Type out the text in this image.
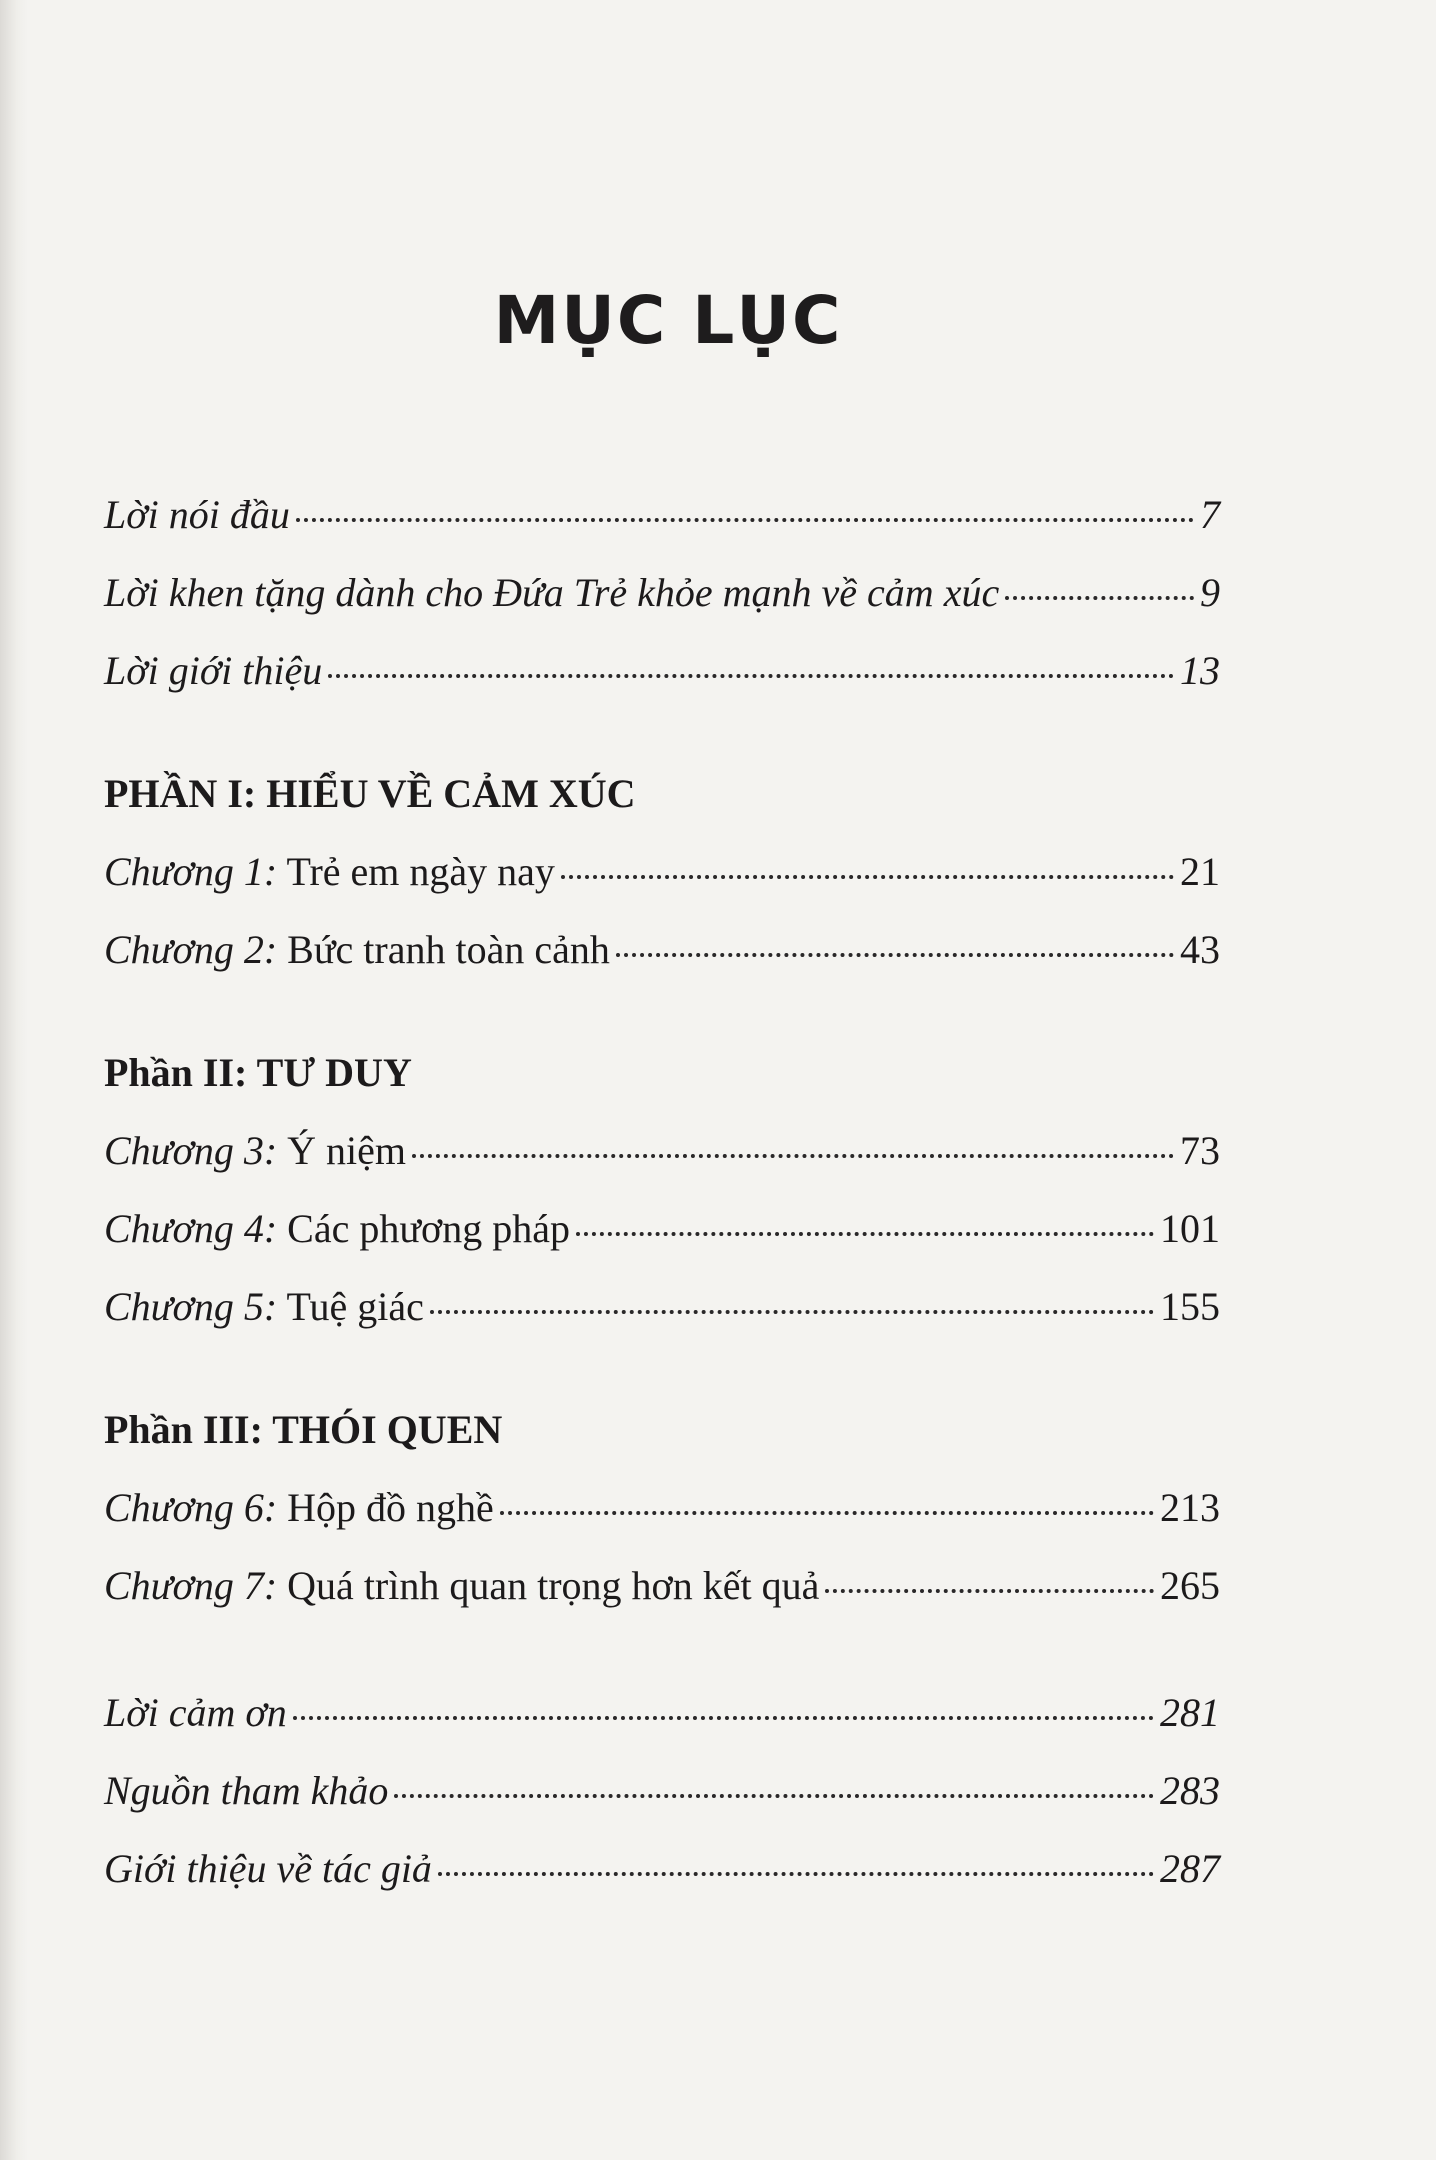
MỤC LỤC
Lời nói đầu	7
Lời khen tặng dành cho Đứa Trẻ khỏe mạnh về cảm xúc	9
Lời giới thiệu	13
PHẦN I: HIỂU VỀ CẢM XÚC
Chương 1: Trẻ em ngày nay	21
Chương 2: Bức tranh toàn cảnh	43
Phần II: TƯ DUY
Chương 3: Ý niệm	73
Chương 4: Các phương pháp	101
Chương 5: Tuệ giác	155
Phần III: THÓI QUEN
Chương 6: Hộp đồ nghề	213
Chương 7: Quá trình quan trọng hơn kết quả	265
Lời cảm ơn	281
Nguồn tham khảo	283
Giới thiệu về tác giả	287
